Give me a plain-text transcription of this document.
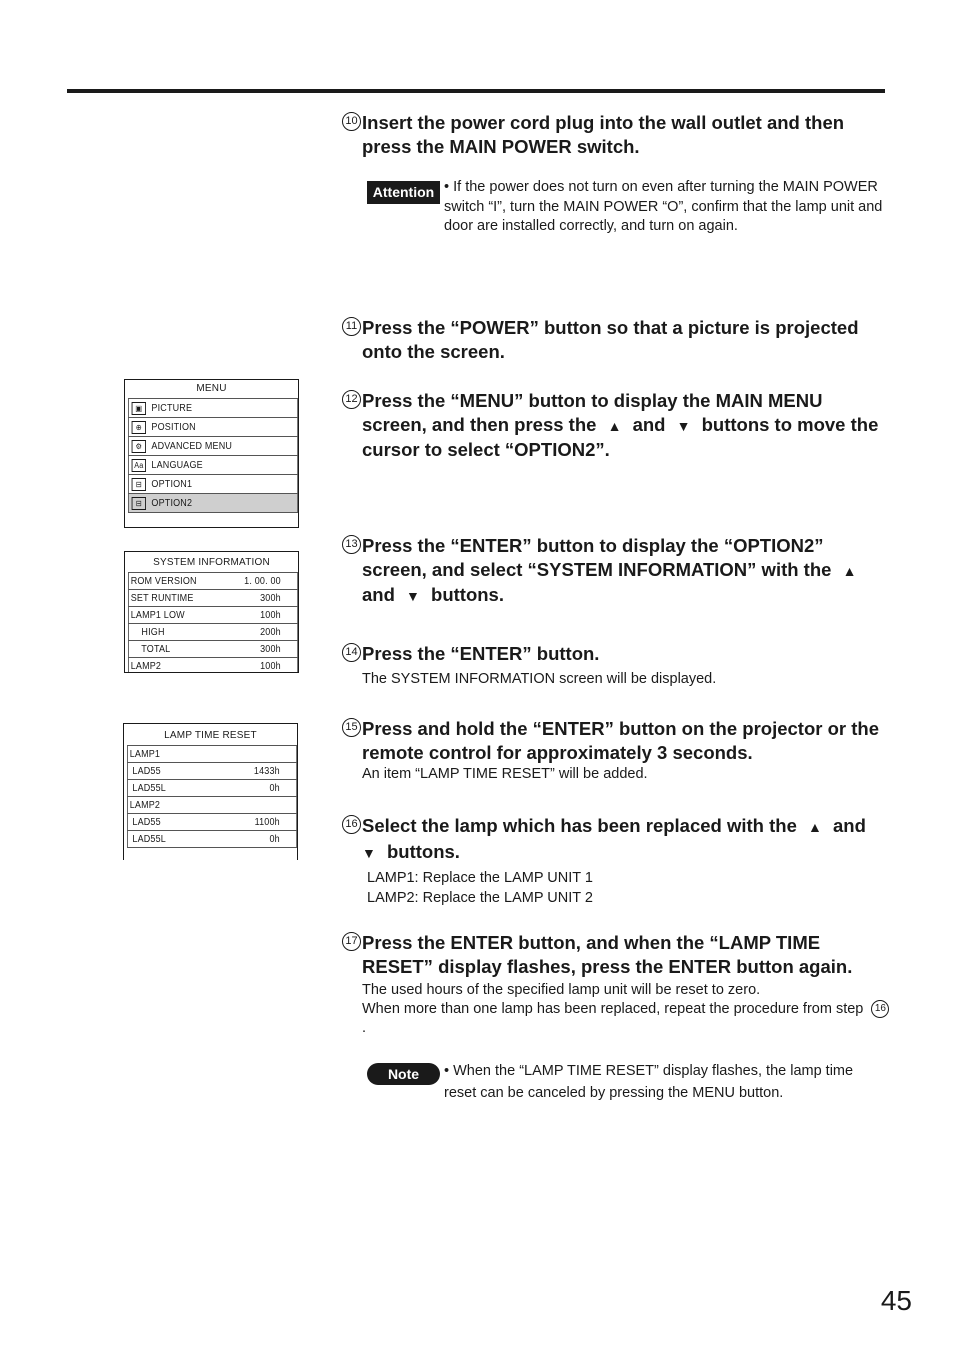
10 Insert the power cord plug into the wall outlet and then press the MAIN POWER switch.
Attention • If the power does not turn on even after turning the MAIN POWER switch “I”, turn the MAIN POWER “O”, confirm that the lamp unit and door are installed correctly, and turn on again.
11 Press the “POWER” button so that a picture is projected onto the screen.
12 Press the “MENU” button to display the MAIN MENU screen, and then press the ▲ and ▼ buttons to move the cursor to select “OPTION2”.
13 Press the “ENTER” button to display the “OPTION2” screen, and select “SYSTEM INFORMATION” with the ▲ and ▼ buttons.
14 Press the “ENTER” button.
The SYSTEM INFORMATION screen will be displayed.
15 Press and hold the “ENTER” button on the projector or the remote control for approximately 3 seconds.
An item “LAMP TIME RESET” will be added.
16 Select the lamp which has been replaced with the ▲ and
▼ buttons.
LAMP1: Replace the LAMP UNIT 1
LAMP2: Replace the LAMP UNIT 2
17 Press the ENTER button, and when the “LAMP TIME RESET” display flashes, press the ENTER button again.
The used hours of the specified lamp unit will be reset to zero.
When more than one lamp has been replaced, repeat the procedure from step 16.
Note	• When the “LAMP TIME RESET” display flashes, the lamp time reset can be canceled by pressing the MENU button.
MENU
▣ PICTURE
⊕ POSITION
⚙ ADVANCED MENU
Aa LANGUAGE
⊟ OPTION1
⊟ OPTION2
SYSTEM INFORMATION
ROM VERSION	1. 00. 00
SET RUNTIME	300h
LAMP1 LOW	100h
HIGH	200h
TOTAL	300h
LAMP2	100h
LAMP TIME RESET
LAMP1
LAD55	1433h
LAD55L	0h
LAMP2
LAD55	1100h
LAD55L	0h
45
